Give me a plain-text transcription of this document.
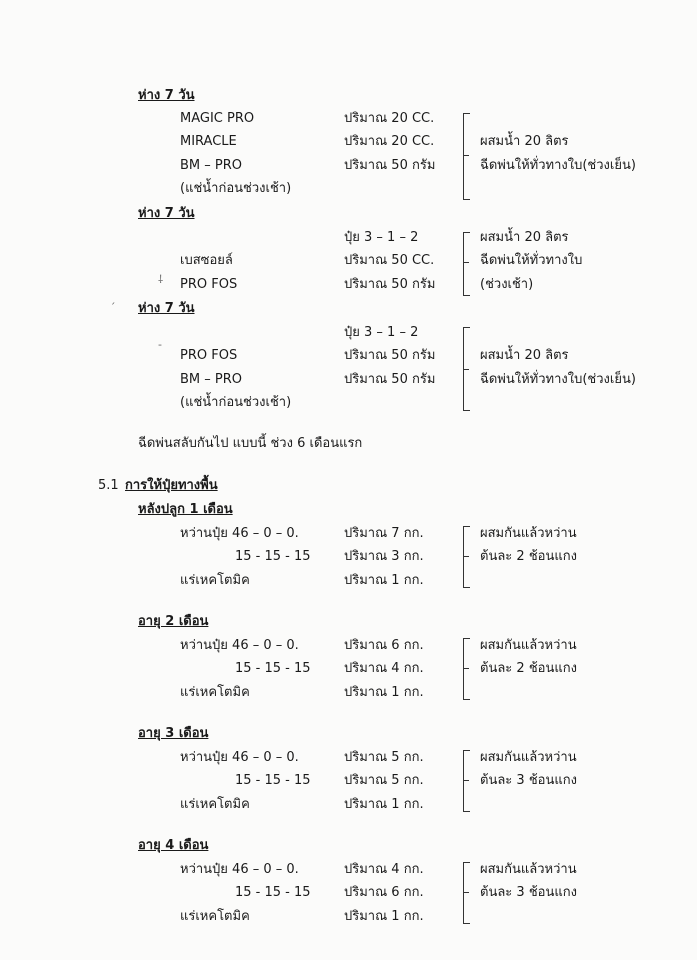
ห่าง 7 วัน
MAGIC PRO	ปริมาณ 20 CC.
MIRACLE	ปริมาณ 20 CC.
BM – PRO	ปริมาณ 50 กรัม
(แช่น้ำก่อนช่วงเช้า)
ผสมน้ำ 20 ลิตร
ฉีดพ่นให้ทั่วทางใบ(ช่วงเย็น)
ห่าง 7 วัน
ปุ๋ย 3 – 1 – 2
เบสซอยล์	ปริมาณ 50 CC.
PRO FOS	ปริมาณ 50 กรัม
ผสมน้ำ 20 ลิตร
ฉีดพ่นให้ทั่วทางใบ
(ช่วงเช้า)
ห่าง 7 วัน
ปุ๋ย 3 – 1 – 2
PRO FOS	ปริมาณ 50 กรัม
BM – PRO	ปริมาณ 50 กรัม
(แช่น้ำก่อนช่วงเช้า)
ผสมน้ำ 20 ลิตร
ฉีดพ่นให้ทั่วทางใบ(ช่วงเย็น)
ฉีดพ่นสลับกันไป แบบนี้ ช่วง 6 เดือนแรก
5.1 การให้ปุ๋ยทางพื้น
หลังปลูก 1 เดือน
หว่านปุ๋ย 46 – 0 – 0.	ปริมาณ 7 กก.
15 - 15 - 15	ปริมาณ 3 กก.
แร่เหคโตมิค	ปริมาณ 1 กก.
ผสมกันแล้วหว่าน
ต้นละ 2 ช้อนแกง
อายุ 2 เดือน
หว่านปุ๋ย 46 – 0 – 0.	ปริมาณ 6 กก.
15 - 15 - 15	ปริมาณ 4 กก.
แร่เหคโตมิค	ปริมาณ 1 กก.
ผสมกันแล้วหว่าน
ต้นละ 2 ช้อนแกง
อายุ 3 เดือน
หว่านปุ๋ย 46 – 0 – 0.	ปริมาณ 5 กก.
15 - 15 - 15	ปริมาณ 5 กก.
แร่เหคโตมิค	ปริมาณ 1 กก.
ผสมกันแล้วหว่าน
ต้นละ 3 ช้อนแกง
อายุ 4 เดือน
หว่านปุ๋ย 46 – 0 – 0.	ปริมาณ 4 กก.
15 - 15 - 15	ปริมาณ 6 กก.
แร่เหคโตมิค	ปริมาณ 1 กก.
ผสมกันแล้วหว่าน
ต้นละ 3 ช้อนแกง
⸸
ˏ
‐
